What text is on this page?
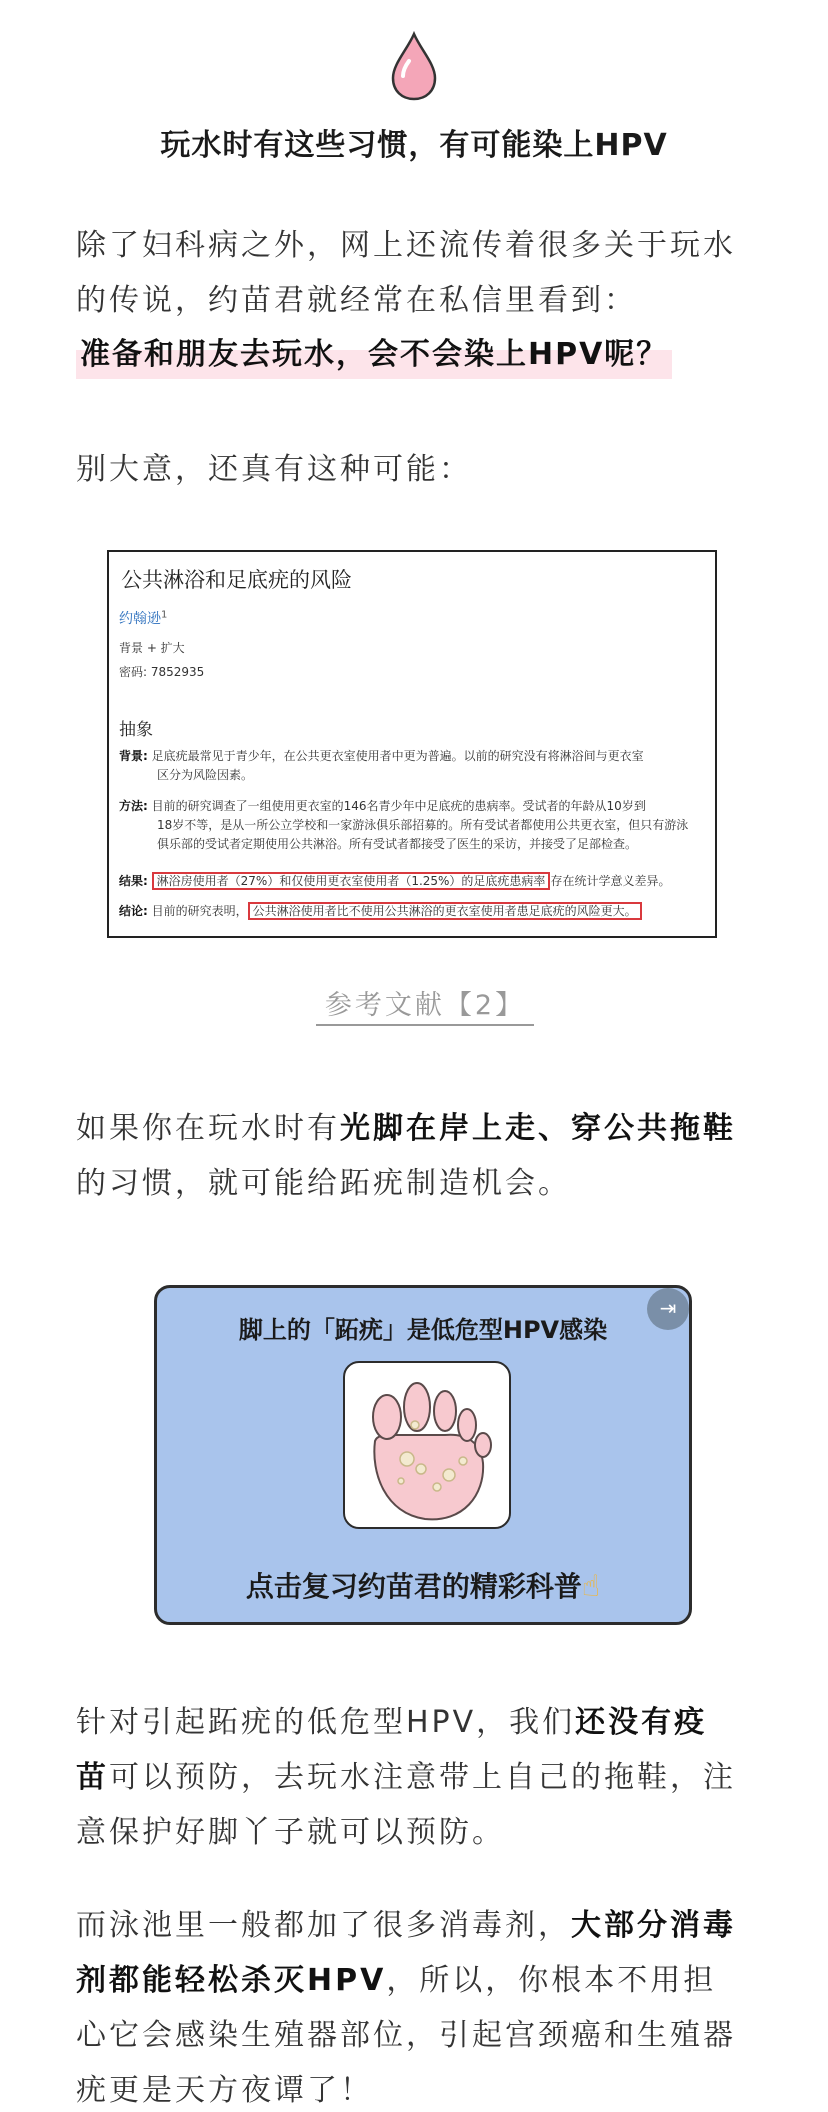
玩水时有这些习惯，有可能染上HPV
除了妇科病之外，网上还流传着很多关于玩水
的传说，约苗君就经常在私信里看到：
准备和朋友去玩水，会不会染上HPV呢？
别大意，还真有这种可能：
公共淋浴和足底疣的风险
约翰逊$^1$
背景 + 扩大
密码: 7852935
抽象
背景: 足底疣最常见于青少年，在公共更衣室使用者中更为普遍。以前的研究没有将淋浴间与更衣室
区分为风险因素。
方法: 目前的研究调查了一组使用更衣室的146名青少年中足底疣的患病率。受试者的年龄从10岁到
18岁不等，是从一所公立学校和一家游泳俱乐部招募的。所有受试者都使用公共更衣室，但只有游泳
俱乐部的受试者定期使用公共淋浴。所有受试者都接受了医生的采访，并接受了足部检查。
结果: 淋浴房使用者（27%）和仅使用更衣室使用者（1.25%）的足底疣患病率 存在统计学意义差异。
结论: 目前的研究表明， 公共淋浴使用者比不使用公共淋浴的更衣室使用者患足底疣的风险更大。
参考文献【2】
如果你在玩水时有光脚在岸上走、穿公共拖鞋
的习惯，就可能给跖疣制造机会。
脚上的「跖疣」是低危型HPV感染
⇥
点击复习约苗君的精彩科普☝
针对引起跖疣的低危型HPV，我们还没有疫
苗可以预防，去玩水注意带上自己的拖鞋，注
意保护好脚丫子就可以预防。
而泳池里一般都加了很多消毒剂，大部分消毒
剂都能轻松杀灭HPV，所以，你根本不用担
心它会感染生殖器部位，引起宫颈癌和生殖器
疣更是天方夜谭了！
